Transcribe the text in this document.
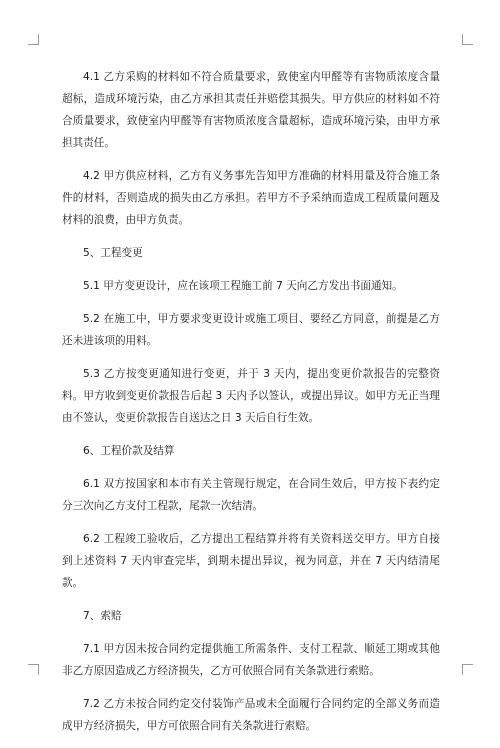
4.1 乙方采购的材料如不符合质量要求，致使室内甲醛等有害物质浓度含量超标，造成环境污染，由乙方承担其责任并赔偿其损失。甲方供应的材料如不符合质量要求，致使室内甲醛等有害物质浓度含量超标，造成环境污染，由甲方承担其责任。

4.2 甲方供应材料，乙方有义务事先告知甲方准确的材料用量及符合施工条件的材料，否则造成的损失由乙方承担。若甲方不予采纳而造成工程质量问题及材料的浪费，由甲方负责。

5、工程变更

5.1 甲方变更设计，应在该项工程施工前 7 天向乙方发出书面通知。

5.2 在施工中，甲方要求变更设计或施工项目、要经乙方同意，前提是乙方还未进该项的用料。

5.3 乙方按变更通知进行变更，并于 3 天内，提出变更价款报告的完整资料。甲方收到变更价款报告后起 3 天内予以签认，或提出异议。如甲方无正当理由不签认，变更价款报告自送达之日 3 天后自行生效。

6、工程价款及结算

6.1 双方按国家和本市有关主管现行规定，在合同生效后，甲方按下表约定分三次向乙方支付工程款，尾款一次结清。

6.2 工程竣工验收后，乙方提出工程结算并将有关资料送交甲方。甲方自接到上述资料 7 天内审查完毕，到期未提出异议，视为同意，并在 7 天内结清尾款。

7、索赔

7.1 甲方因未按合同约定提供施工所需条件、支付工程款、顺延工期或其他非乙方原因造成乙方经济损失，乙方可依照合同有关条款进行索赔。

7.2 乙方未按合同约定交付装饰产品或未全面履行合同约定的全部义务而造成甲方经济损失，甲方可依照合同有关条款进行索赔。
